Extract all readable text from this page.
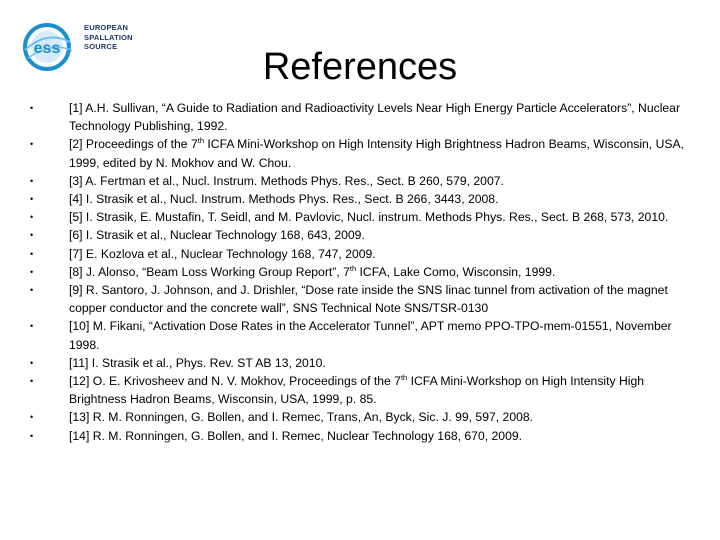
ess
EUROPEAN
SPALLATION
SOURCE	References
•	[1] A.H. Sullivan, “A Guide to Radiation and Radioactivity Levels Near High Energy Particle Accelerators”, Nuclear Technology Publishing, 1992.
•	[2] Proceedings of the 7th ICFA Mini-Workshop on High Intensity High Brightness Hadron Beams, Wisconsin, USA, 1999, edited by N. Mokhov and W. Chou.
•	[3] A. Fertman et al., Nucl. Instrum. Methods Phys. Res., Sect. B 260, 579, 2007.
•	[4] I. Strasik et al., Nucl. Instrum. Methods Phys. Res., Sect. B 266, 3443, 2008.
•	[5] I. Strasik, E. Mustafin, T. Seidl, and M. Pavlovic, Nucl. instrum. Methods Phys. Res., Sect. B 268, 573, 2010.
•	[6] I. Strasik et al., Nuclear Technology 168, 643, 2009.
•	[7] E. Kozlova et al., Nuclear Technology 168, 747, 2009.
•	[8] J. Alonso, “Beam Loss Working Group Report”, 7th ICFA, Lake Como, Wisconsin, 1999.
•	[9] R. Santoro, J. Johnson, and J. Drishler, “Dose rate inside the SNS linac tunnel from activation of the magnet copper conductor and the concrete wall”, SNS Technical Note SNS/TSR-0130
•	[10] M. Fikani, “Activation Dose Rates in the Accelerator Tunnel”, APT memo PPO-TPO-mem-01551, November 1998.
•	[11] I. Strasik et al., Phys. Rev. ST AB 13, 2010.
•	[12] O. E. Krivosheev and N. V. Mokhov, Proceedings of the 7th ICFA Mini-Workshop on High Intensity High Brightness Hadron Beams, Wisconsin, USA, 1999, p. 85.
•	[13] R. M. Ronningen, G. Bollen, and I. Remec, Trans, An, Byck, Sic. J. 99, 597, 2008.
•	[14] R. M. Ronningen, G. Bollen, and I. Remec, Nuclear Technology 168, 670, 2009.
